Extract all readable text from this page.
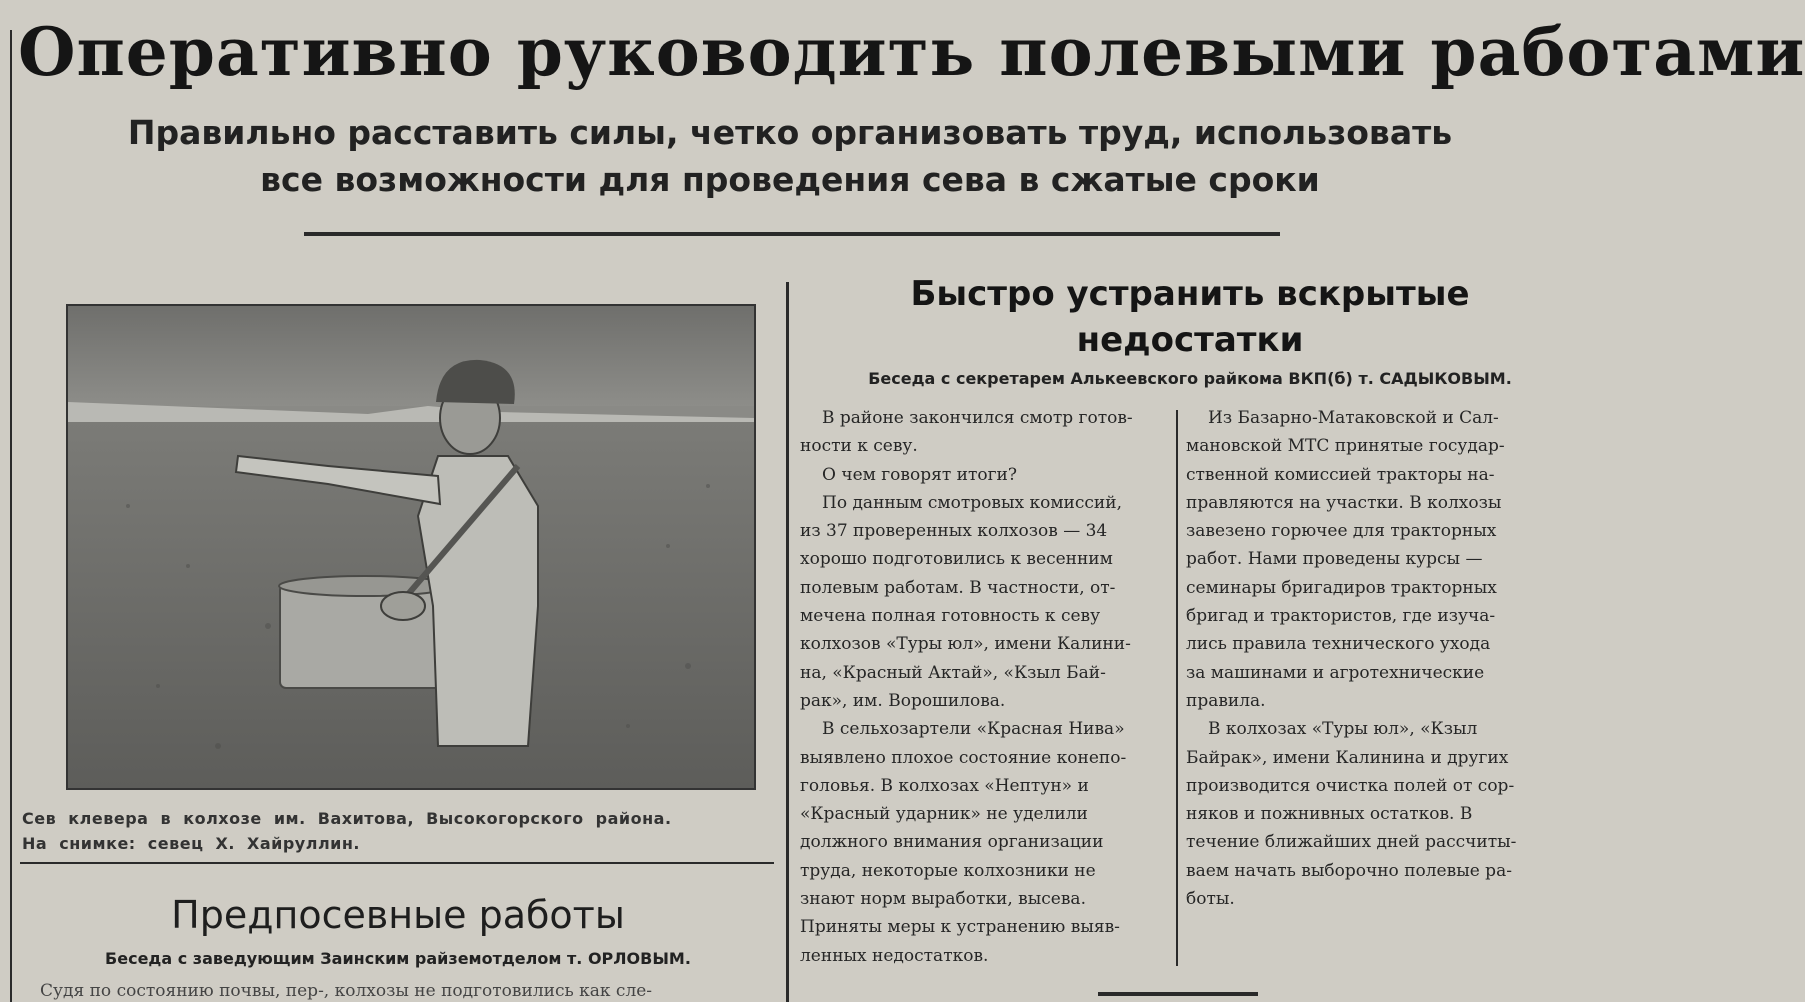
Оперативно руководить полевыми работами
Правильно расставить силы, четко организовать труд, использовать
все возможности для проведения сева в сжатые сроки
Сев клевера в колхозе им. Вахитова, Высокогорского района.
На снимке: севец Х. Хайруллин.
Предпосевные работы
Беседа с заведующим Заинским райземотделом т. ОРЛОВЫМ.
Судя по состоянию почвы, пер-, колхозы не подготовились как сле-
Быстро устранить вскрытые
недостатки
Беседа с секретарем Алькеевского райкома ВКП(б) т. САДЫКОВЫМ.

В районе закончился смотр готов-

ности к севу.

О чем говорят итоги?

По данным смотровых комиссий,

из 37 проверенных колхозов — 34

хорошо подготовились к весенним

полевым работам. В частности, от-

мечена полная готовность к севу

колхозов «Туры юл», имени Калини-

на, «Красный Актай», «Кзыл Бай-

рак», им. Ворошилова.

В сельхозартели «Красная Нива»

выявлено плохое состояние конепо-

головья. В колхозах «Нептун» и

«Красный ударник» не уделили

должного внимания организации

труда, некоторые колхозники не

знают норм выработки, высева.

Приняты меры к устранению выяв-

ленных недостатков.

Из Базарно-Матаковской и Сал-

мановской МТС принятые государ-

ственной комиссией тракторы на-

правляются на участки. В колхозы

завезено горючее для тракторных

работ. Нами проведены курсы —

семинары бригадиров тракторных

бригад и трактористов, где изуча-

лись правила технического ухода

за машинами и агротехнические

правила.

В колхозах «Туры юл», «Кзыл

Байрак», имени Калинина и других

производится очистка полей от сор-

няков и пожнивных остатков. В

течение ближайших дней рассчиты-

ваем начать выборочно полевые ра-

боты.
